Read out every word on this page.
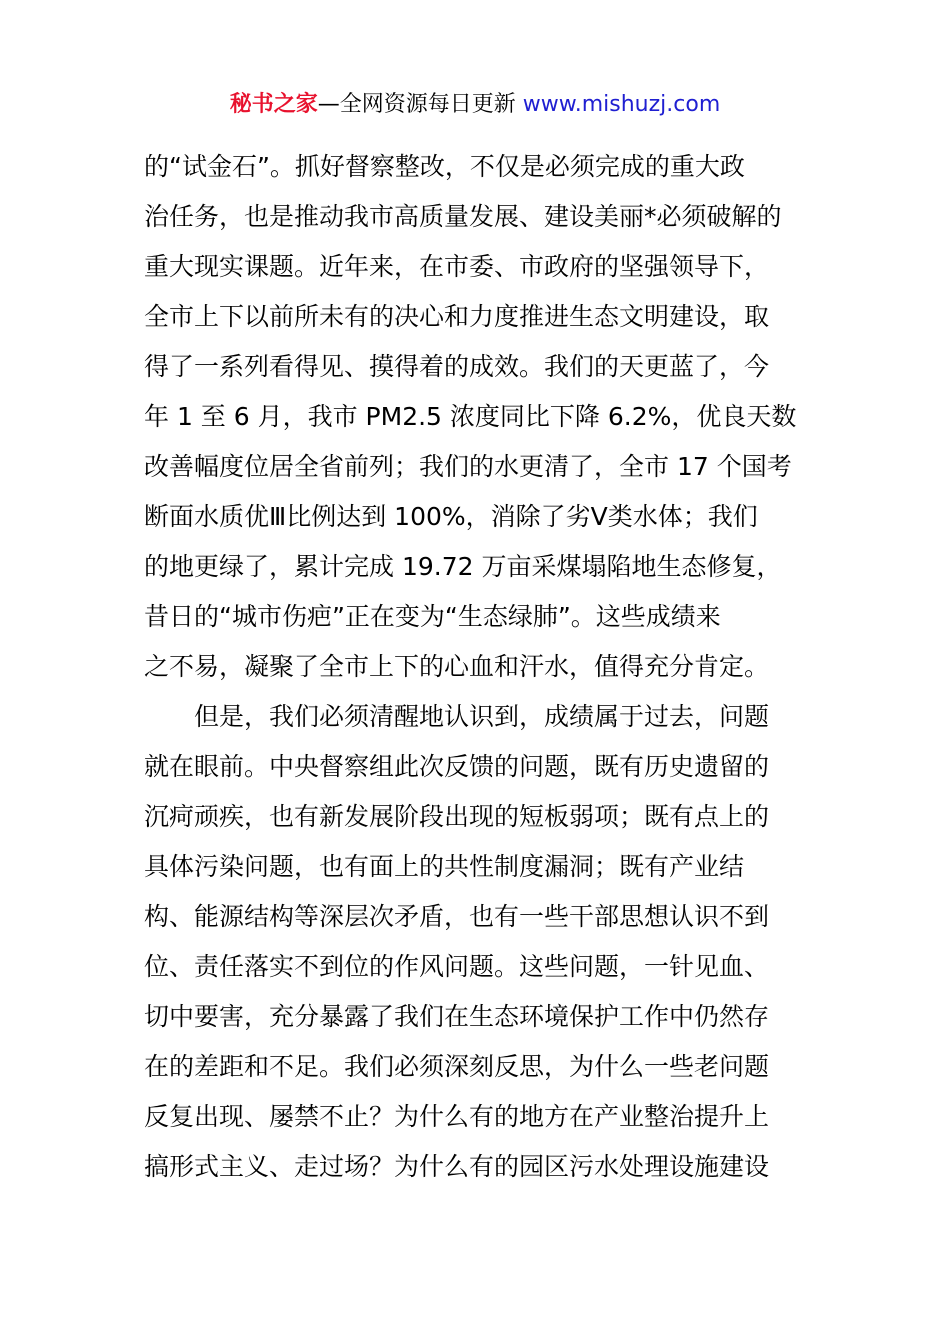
秘书之家—全网资源每日更新 www.mishuzj.com
的“试金石”。抓好督察整改，不仅是必须完成的重大政
治任务，也是推动我市高质量发展、建设美丽*必须破解的
重大现实课题。近年来，在市委、市政府的坚强领导下，
全市上下以前所未有的决心和力度推进生态文明建设，取
得了一系列看得见、摸得着的成效。我们的天更蓝了，今
年 1 至 6 月，我市 PM2.5 浓度同比下降 6.2%，优良天数
改善幅度位居全省前列；我们的水更清了，全市 17 个国考
断面水质优Ⅲ比例达到 100%，消除了劣Ⅴ类水体；我们
的地更绿了，累计完成 19.72 万亩采煤塌陷地生态修复，
昔日的“城市伤疤”正在变为“生态绿肺”。这些成绩来
之不易，凝聚了全市上下的心血和汗水，值得充分肯定。
　　但是，我们必须清醒地认识到，成绩属于过去，问题
就在眼前。中央督察组此次反馈的问题，既有历史遗留的
沉疴顽疾，也有新发展阶段出现的短板弱项；既有点上的
具体污染问题，也有面上的共性制度漏洞；既有产业结
构、能源结构等深层次矛盾，也有一些干部思想认识不到
位、责任落实不到位的作风问题。这些问题，一针见血、
切中要害，充分暴露了我们在生态环境保护工作中仍然存
在的差距和不足。我们必须深刻反思，为什么一些老问题
反复出现、屡禁不止？为什么有的地方在产业整治提升上
搞形式主义、走过场？为什么有的园区污水处理设施建设
